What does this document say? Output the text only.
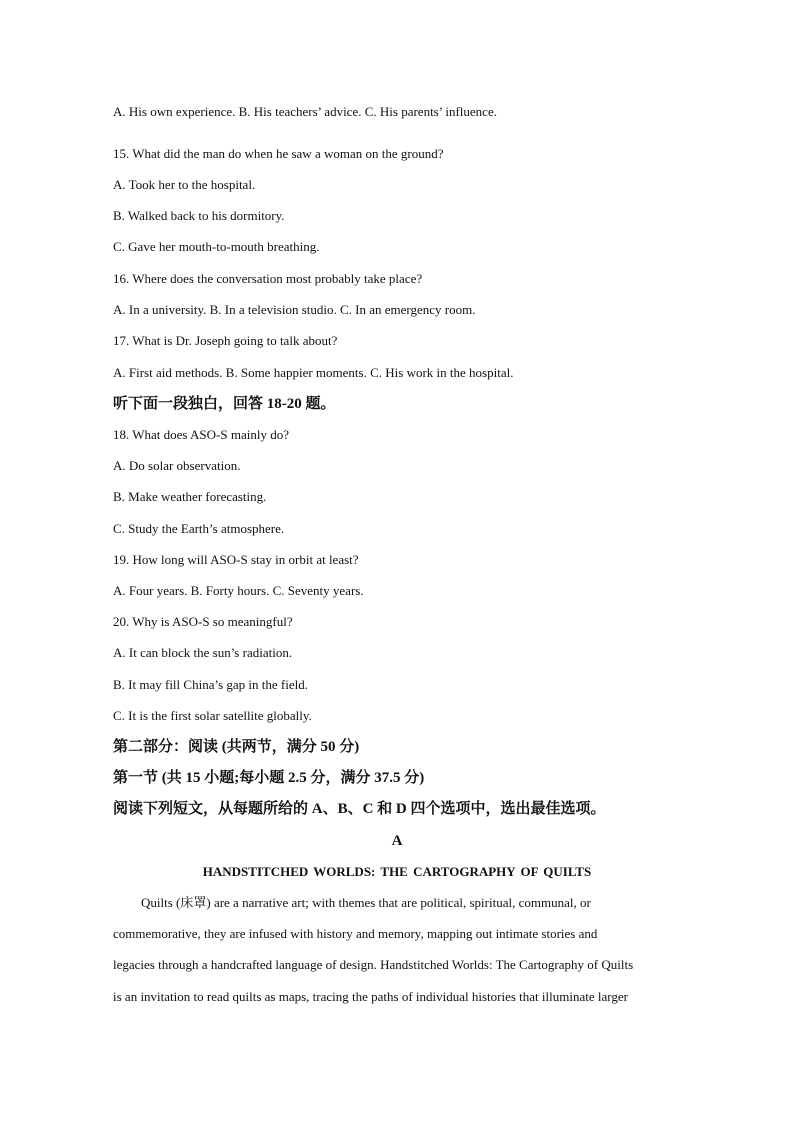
A. His own experience. B. His teachers’ advice. C. His parents’ influence.
15. What did the man do when he saw a woman on the ground?
A. Took her to the hospital.
B. Walked back to his dormitory.
C. Gave her mouth-to-mouth breathing.
16. Where does the conversation most probably take place?
A. In a university. B. In a television studio. C. In an emergency room.
17. What is Dr. Joseph going to talk about?
A. First aid methods. B. Some happier moments. C. His work in the hospital.
听下面一段独白，回答 18-20 题。
18. What does ASO-S mainly do?
A. Do solar observation.
B. Make weather forecasting.
C. Study the Earth’s atmosphere.
19. How long will ASO-S stay in orbit at least?
A. Four years. B. Forty hours. C. Seventy years.
20. Why is ASO-S so meaningful?
A. It can block the sun’s radiation.
B. It may fill China’s gap in the field.
C. It is the first solar satellite globally.
第二部分：阅读 (共两节，满分 50 分)
第一节 (共 15 小题;每小题 2.5 分，满分 37.5 分)
阅读下列短文，从每题所给的 A、B、C 和 D 四个选项中，选出最佳选项。
A
HANDSTITCHED WORLDS: THE CARTOGRAPHY OF QUILTS
Quilts (床罩) are a narrative art; with themes that are political, spiritual, communal, or
commemorative, they are infused with history and memory, mapping out intimate stories and
legacies through a handcrafted language of design. Handstitched Worlds: The Cartography of Quilts
is an invitation to read quilts as maps, tracing the paths of individual histories that illuminate larger
